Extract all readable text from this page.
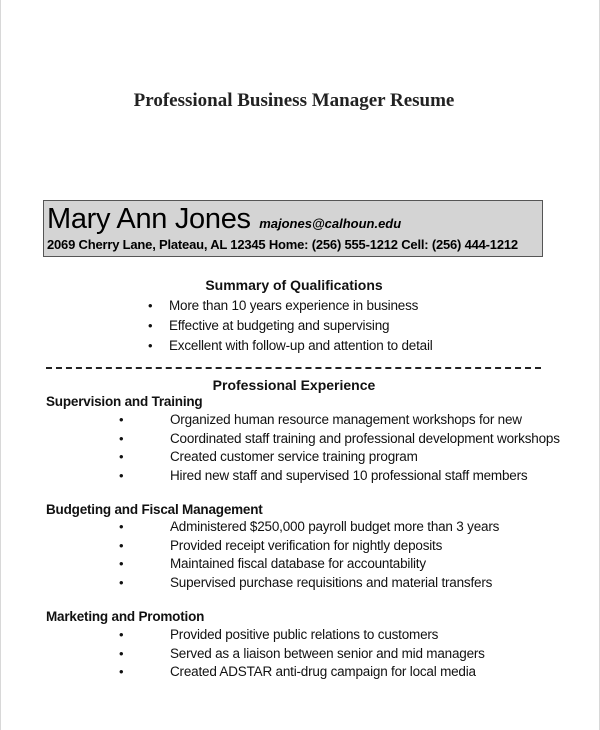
Professional Business Manager Resume
Mary Ann Jones majones@calhoun.edu
2069 Cherry Lane, Plateau, AL 12345 Home: (256) 555-1212 Cell: (256) 444-1212
Summary of Qualifications
• More than 10 years experience in business
• Effective at budgeting and supervising
• Excellent with follow-up and attention to detail
Professional Experience
Supervision and Training
•	Organized human resource management workshops for new
•	Coordinated staff training and professional development workshops
•	Created customer service training program
•	Hired new staff and supervised 10 professional staff members
Budgeting and Fiscal Management
•	Administered $250,000 payroll budget more than 3 years
•	Provided receipt verification for nightly deposits
•	Maintained fiscal database for accountability
•	Supervised purchase requisitions and material transfers
Marketing and Promotion
•	Provided positive public relations to customers
•	Served as a liaison between senior and mid managers
•	Created ADSTAR anti-drug campaign for local media
